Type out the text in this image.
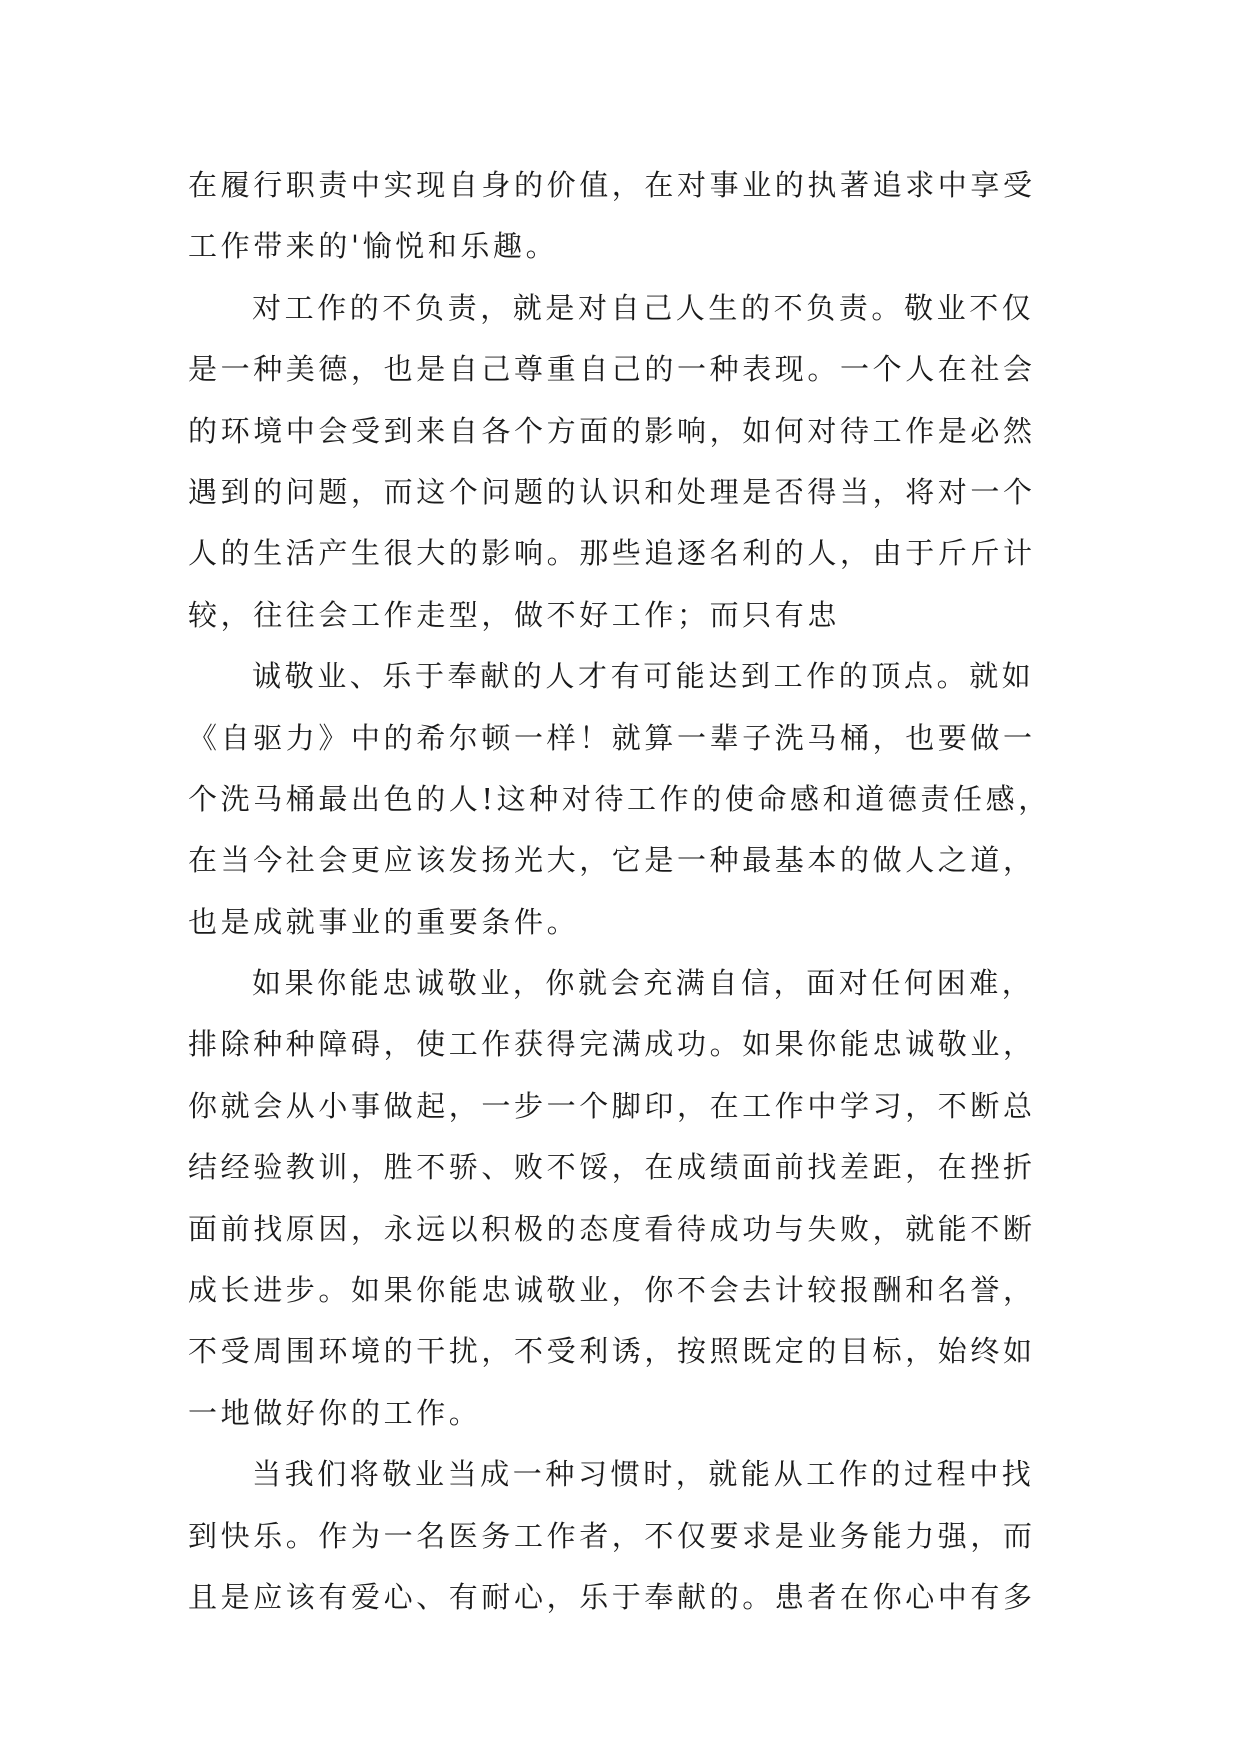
在履行职责中实现自身的价值，在对事业的执著追求中享受
工作带来的'愉悦和乐趣。
对工作的不负责，就是对自己人生的不负责。敬业不仅
是一种美德，也是自己尊重自己的一种表现。一个人在社会
的环境中会受到来自各个方面的影响，如何对待工作是必然
遇到的问题，而这个问题的认识和处理是否得当，将对一个
人的生活产生很大的影响。那些追逐名利的人，由于斤斤计
较，往往会工作走型，做不好工作；而只有忠
诚敬业、乐于奉献的人才有可能达到工作的顶点。就如
《自驱力》中的希尔顿一样！就算一辈子洗马桶，也要做一
个洗马桶最出色的人!这种对待工作的使命感和道德责任感，
在当今社会更应该发扬光大，它是一种最基本的做人之道，
也是成就事业的重要条件。
如果你能忠诚敬业，你就会充满自信，面对任何困难，
排除种种障碍，使工作获得完满成功。如果你能忠诚敬业，
你就会从小事做起，一步一个脚印，在工作中学习，不断总
结经验教训，胜不骄、败不馁，在成绩面前找差距，在挫折
面前找原因，永远以积极的态度看待成功与失败，就能不断
成长进步。如果你能忠诚敬业，你不会去计较报酬和名誉，
不受周围环境的干扰，不受利诱，按照既定的目标，始终如
一地做好你的工作。
当我们将敬业当成一种习惯时，就能从工作的过程中找
到快乐。作为一名医务工作者，不仅要求是业务能力强，而
且是应该有爱心、有耐心，乐于奉献的。患者在你心中有多
